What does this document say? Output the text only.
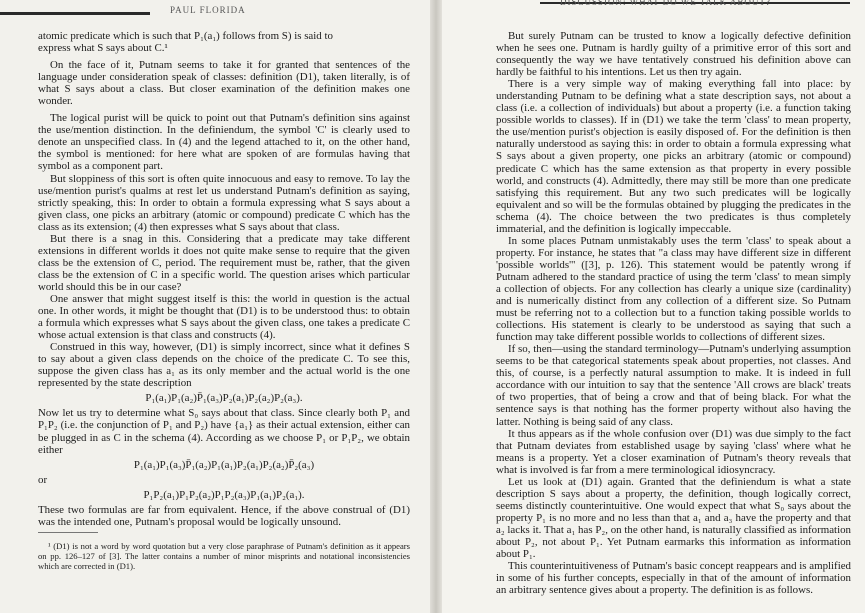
PAUL FLORIDA
DISCUSSION: WHAT DO WE TALK ABOUT?

atomic predicate which is such that P₁(a₁) follows from S) is said to

express what S says about C.¹

On the face of it, Putnam seems to take it for granted that sentences of the language under consideration speak of classes: definition (D1), taken literally, is of what S says about a class. But closer examination of the definition makes one wonder.

The logical purist will be quick to point out that Putnam's definition sins against the use/mention distinction. In the definiendum, the symbol 'C' is clearly used to denote an unspecified class. In (4) and the legend attached to it, on the other hand, the symbol is mentioned: for here what are spoken of are formulas having that symbol as a component part.

But sloppiness of this sort is often quite innocuous and easy to remove. To lay the use/mention purist's qualms at rest let us understand Putnam's definition as saying, strictly speaking, this: In order to obtain a formula expressing what S says about a given class, one picks an arbitrary (atomic or compound) predicate C which has the class as its extension; (4) then expresses what S says about that class.

But there is a snag in this. Considering that a predicate may take different extensions in different worlds it does not quite make sense to require that the given class be the extension of C, period. The requirement must be, rather, that the given class be the extension of C in a specific world. The question arises which particular world should this be in our case?

One answer that might suggest itself is this: the world in question is the actual one. In other words, it might be thought that (D1) is to be understood thus: to obtain a formula which expresses what S says about the given class, one takes a predicate C whose actual extension is that class and constructs (4).

Construed in this way, however, (D1) is simply incorrect, since what it defines S to say about a given class depends on the choice of the predicate C. To see this, suppose the given class has a₁ as its only member and the actual world is the one represented by the state description

P₁(a₁)P₁(a₂)P̄₁(a₃)P₂(a₁)P₂(a₂)P₂(a₃).

Now let us try to determine what S₀ says about that class. Since clearly both P₁ and P₁P₂ (i.e. the conjunction of P₁ and P₂) have {a₁} as their actual extension, either can be plugged in as C in the schema (4). According as we choose P₁ or P₁P₂, we obtain either

P₁(a₁)P₁(a₃)P̄₁(a₂)P₁(a₁)P₂(a₁)P₂(a₂)P̄₂(a₃)

or

P₁P₂(a₁)P₁P₂(a₂)P₁P₂(a₃)P₁(a₁)P₂(a₁).

These two formulas are far from equivalent. Hence, if the above construal of (D1) was the intended one, Putnam's proposal would be logically unsound.

¹ (D1) is not a word by word quotation but a very close paraphrase of Putnam's definition as it appears on pp. 126–127 of [3]. The latter contains a number of minor misprints and notational inconsistencies which are corrected in (D1).

But surely Putnam can be trusted to know a logically defective definition when he sees one. Putnam is hardly guilty of a primitive error of this sort and consequently the way we have tentatively construed his definition above can hardly be faithful to his intentions. Let us then try again.

There is a very simple way of making everything fall into place: by understanding Putnam to be defining what a state description says, not about a class (i.e. a collection of individuals) but about a property (i.e. a function taking possible worlds to classes). If in (D1) we take the term 'class' to mean property, the use/mention purist's objection is easily disposed of. For the definition is then naturally understood as saying this: in order to obtain a formula expressing what S says about a given property, one picks an arbitrary (atomic or compound) predicate C which has the same extension as that property in every possible world, and constructs (4). Admittedly, there may still be more than one predicate satisfying this requirement. But any two such predicates will be logically equivalent and so will be the formulas obtained by plugging the predicates in the schema (4). The choice between the two predicates is thus completely immaterial, and the definition is logically impeccable.

In some places Putnam unmistakably uses the term 'class' to speak about a property. For instance, he states that "a class may have different size in different 'possible worlds'" ([3], p. 126). This statement would be patently wrong if Putnam adhered to the standard practice of using the term 'class' to mean simply a collection of objects. For any collection has clearly a unique size (cardinality) and is numerically distinct from any collection of a different size. So Putnam must be referring not to a collection but to a function taking possible worlds to collections. His statement is clearly to be understood as saying that such a function may take different possible worlds to collections of different sizes.

If so, then—using the standard terminology—Putnam's underlying assumption seems to be that categorical statements speak about properties, not classes. And this, of course, is a perfectly natural assumption to make. It is indeed in full accordance with our intuition to say that the sentence 'All crows are black' treats of two properties, that of being a crow and that of being black. For what the sentence says is that nothing has the former property without also having the latter. Nothing is being said of any class.

It thus appears as if the whole confusion over (D1) was due simply to the fact that Putnam deviates from established usage by saying 'class' where what he means is a property. Yet a closer examination of Putnam's theory reveals that what is involved is far from a mere terminological idiosyncracy.

Let us look at (D1) again. Granted that the definiendum is what a state description S says about a property, the definition, though logically correct, seems distinctly counterintuitive. One would expect that what S₀ says about the property P₁ is no more and no less than that a₁ and a₃ have the property and that a₂ lacks it. That a₁ has P₂, on the other hand, is naturally classified as information about P₂, not about P₁. Yet Putnam earmarks this information as information about P₁.

This counterintuitiveness of Putnam's basic concept reappears and is amplified in some of his further concepts, especially in that of the amount of information an arbitrary sentence gives about a property. The definition is as follows.
